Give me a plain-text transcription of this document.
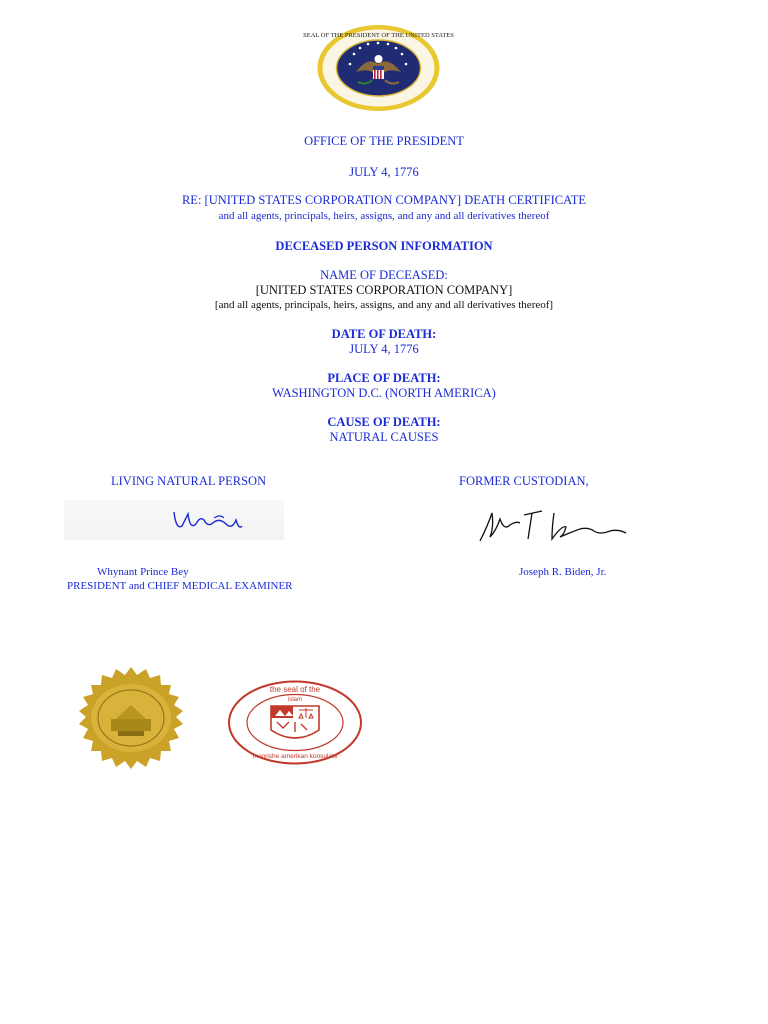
SEAL OF THE PRESIDENT OF THE UNITED STATES
OFFICE OF THE PRESIDENT
JULY 4, 1776
RE: [UNITED STATES CORPORATION COMPANY] DEATH CERTIFICATE
and all agents, principals, heirs, assigns, and any and all derivatives thereof
DECEASED PERSON INFORMATION
NAME OF DECEASED:
[UNITED STATES CORPORATION COMPANY]
[and all agents, principals, heirs, assigns, and any and all derivatives thereof]
DATE OF DEATH:
JULY 4, 1776
PLACE OF DEATH:
WASHINGTON D.C. (NORTH AMERICA)
CAUSE OF DEATH:
NATURAL CAUSES
LIVING NATURAL PERSON	FORMER CUSTODIAN,
Whynant Prince Bey
PRESIDENT and CHIEF MEDICAL EXAMINER
Joseph R. Biden, Jr.
the seal of the
islam
moorishe amerikan konsulate
